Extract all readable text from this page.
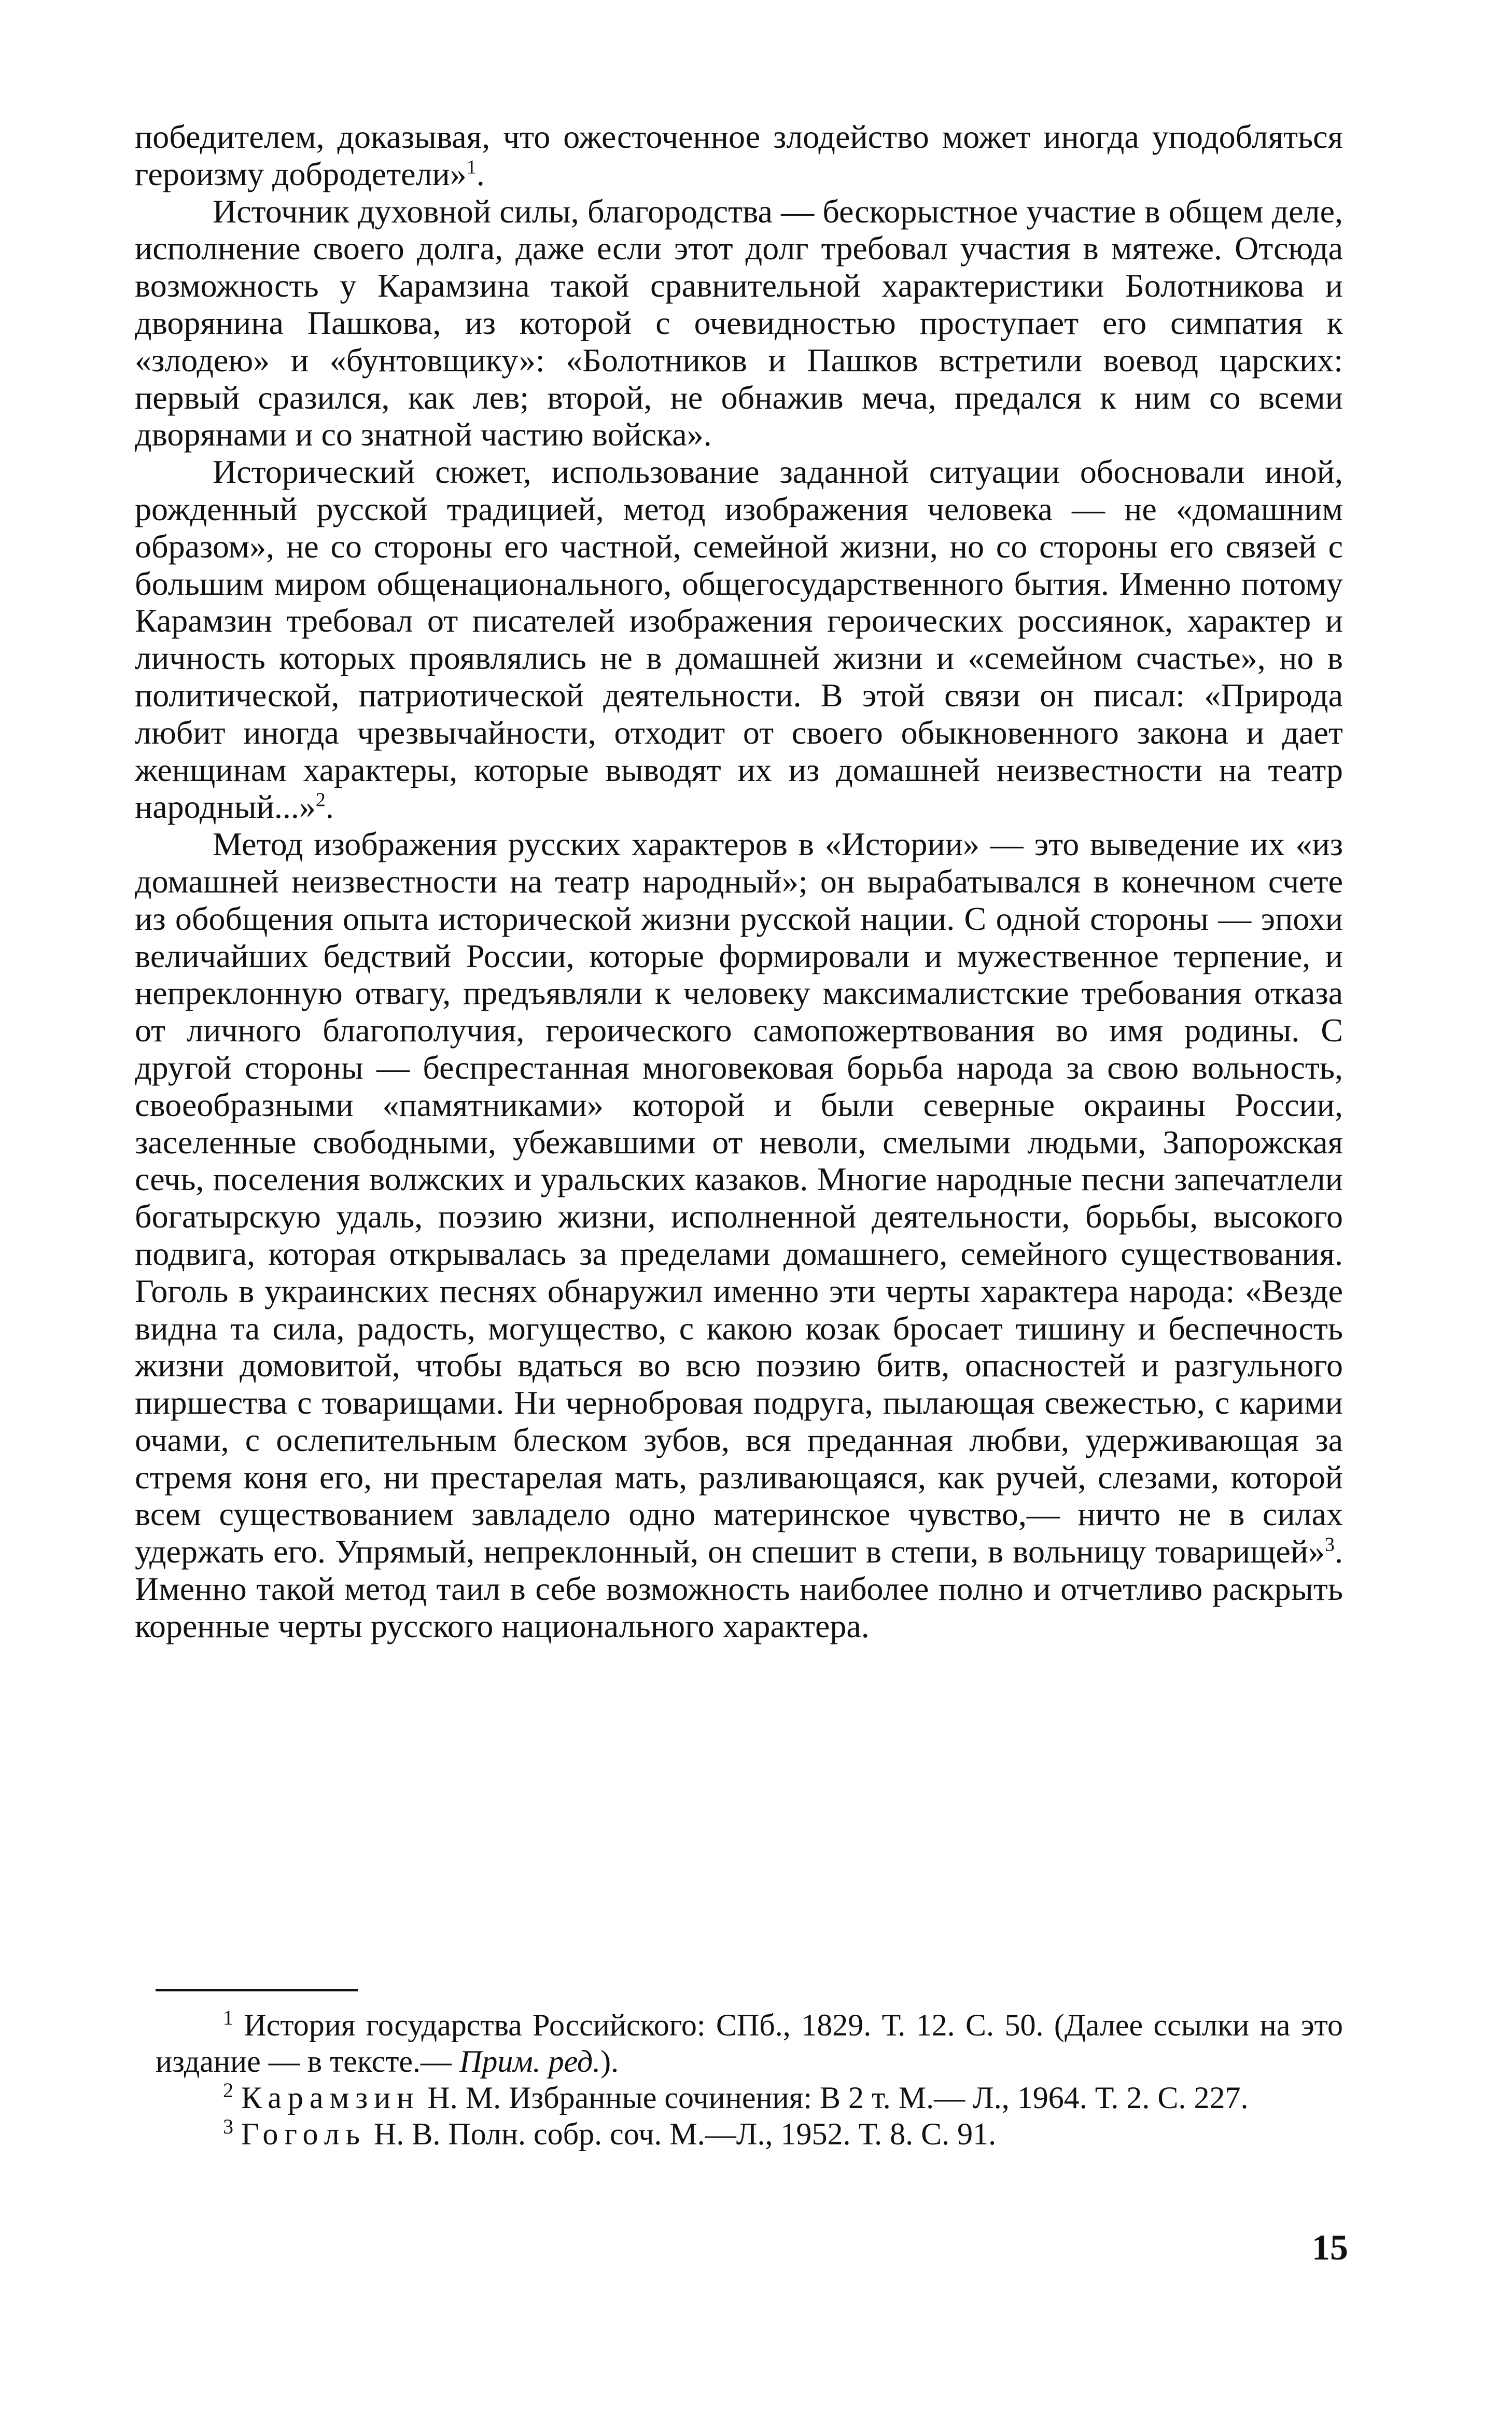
победителем, доказывая, что ожесточенное злодейство может иногда уподобляться героизму добродетели»$^1$.

Источник духовной силы, благородства — бескорыстное участие в общем деле, исполнение своего долга, даже если этот долг требовал участия в мятеже. Отсюда возможность у Карамзина такой сравнительной характеристики Болотникова и дворянина Пашкова, из которой с очевидностью проступает его симпатия к «злодею» и «бунтовщику»: «Болотников и Пашков встретили воевод царских: первый сразился, как лев; второй, не обнажив меча, предался к ним со всеми дворянами и со знатной частию войска».

Исторический сюжет, использование заданной ситуации обосновали иной, рожденный русской традицией, метод изображения человека — не «домашним образом», не со стороны его частной, семейной жизни, но со стороны его связей с большим миром общенационального, общегосударственного бытия. Именно потому Карамзин требовал от писателей изображения героических россиянок, характер и личность которых проявлялись не в домашней жизни и «семейном счастье», но в политической, патриотической деятельности. В этой связи он писал: «Природа любит иногда чрезвычайности, отходит от своего обыкновенного закона и дает женщинам характеры, которые выводят их из домашней неизвестности на театр народный...»$^2$.

Метод изображения русских характеров в «Истории» — это выведение их «из домашней неизвестности на театр народный»; он вырабатывался в конечном счете из обобщения опыта исторической жизни русской нации. С одной стороны — эпохи величайших бедствий России, которые формировали и мужественное терпение, и непреклонную отвагу, предъявляли к человеку максималистские требования отказа от личного благополучия, героического самопожертвования во имя родины. С другой стороны — беспрестанная многовековая борьба народа за свою вольность, своеобразными «памятниками» которой и были северные окраины России, заселенные свободными, убежавшими от неволи, смелыми людьми, Запорожская сечь, поселения волжских и уральских казаков. Многие народные песни запечатлели богатырскую удаль, поэзию жизни, исполненной деятельности, борьбы, высокого подвига, которая открывалась за пределами домашнего, семейного существования. Гоголь в украинских песнях обнаружил именно эти черты характера народа: «Везде видна та сила, радость, могущество, с какою козак бросает тишину и беспечность жизни домовитой, чтобы вдаться во всю поэзию битв, опасностей и разгульного пиршества с товарищами. Ни чернобровая подруга, пылающая свежестью, с карими очами, с ослепительным блеском зубов, вся преданная любви, удерживающая за стремя коня его, ни престарелая мать, разливающаяся, как ручей, слезами, которой всем существованием завладело одно материнское чувство,— ничто не в силах удержать его. Упрямый, непреклонный, он спешит в степи, в вольницу товарищей»$^3$. Именно такой метод таил в себе возможность наиболее полно и отчетливо раскрыть коренные черты русского национального характера.

$^1$ История государства Российского: СПб., 1829. Т. 12. С. 50. (Далее ссылки на это издание — в тексте.— Прим. ред.).

$^2$ Карамзин Н. М. Избранные сочинения: В 2 т. М.— Л., 1964. Т. 2. С. 227.

$^3$ Гоголь Н. В. Полн. собр. соч. М.—Л., 1952. Т. 8. С. 91.

15
